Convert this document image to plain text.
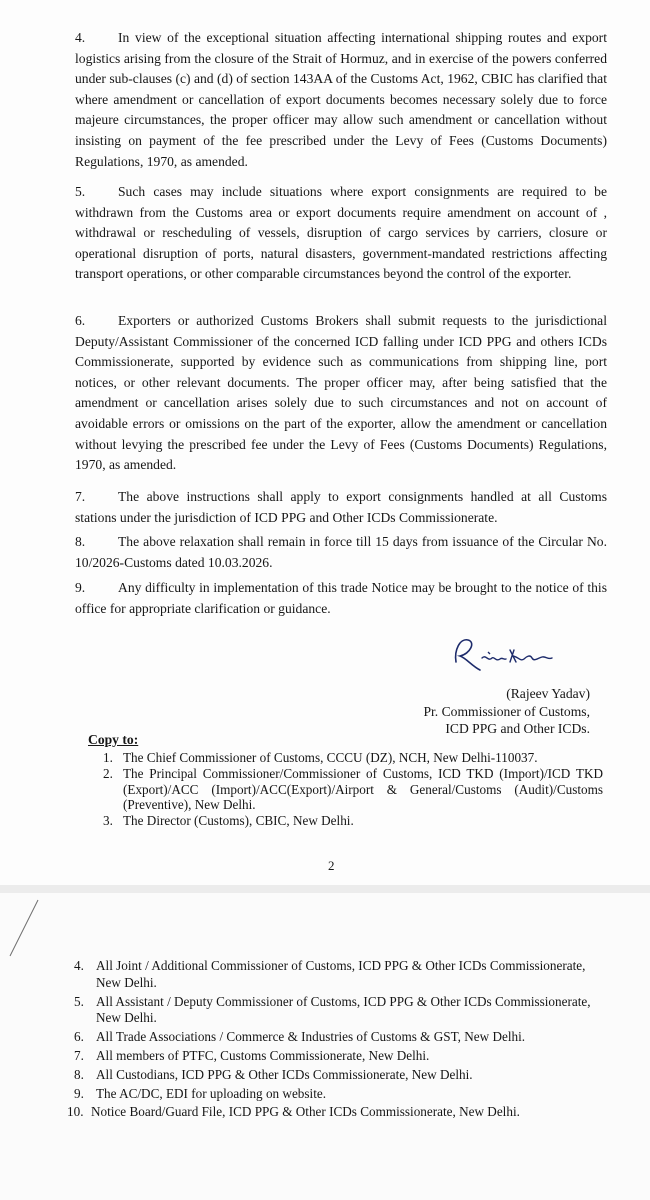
4. In view of the exceptional situation affecting international shipping routes and export logistics arising from the closure of the Strait of Hormuz, and in exercise of the powers conferred under sub-clauses (c) and (d) of section 143AA of the Customs Act, 1962, CBIC has clarified that where amendment or cancellation of export documents becomes necessary solely due to force majeure circumstances, the proper officer may allow such amendment or cancellation without insisting on payment of the fee prescribed under the Levy of Fees (Customs Documents) Regulations, 1970, as amended.

5. Such cases may include situations where export consignments are required to be withdrawn from the Customs area or export documents require amendment on account of , withdrawal or rescheduling of vessels, disruption of cargo services by carriers, closure or operational disruption of ports, natural disasters, government-mandated restrictions affecting transport operations, or other comparable circumstances beyond the control of the exporter.

6. Exporters or authorized Customs Brokers shall submit requests to the jurisdictional Deputy/Assistant Commissioner of the concerned ICD falling under ICD PPG and others ICDs Commissionerate, supported by evidence such as communications from shipping line, port notices, or other relevant documents. The proper officer may, after being satisfied that the amendment or cancellation arises solely due to such circumstances and not on account of avoidable errors or omissions on the part of the exporter, allow the amendment or cancellation without levying the prescribed fee under the Levy of Fees (Customs Documents) Regulations, 1970, as amended.

7. The above instructions shall apply to export consignments handled at all Customs stations under the jurisdiction of ICD PPG and Other ICDs Commissionerate.

8. The above relaxation shall remain in force till 15 days from issuance of the Circular No. 10/2026-Customs dated 10.03.2026.

9. Any difficulty in implementation of this trade Notice may be brought to the notice of this office for appropriate clarification or guidance.

(Rajeev Yadav)
Pr. Commissioner of Customs,
ICD PPG and Other ICDs.
Copy to:
1. The Chief Commissioner of Customs, CCCU (DZ), NCH, New Delhi-110037.
2. The Principal Commissioner/Commissioner of Customs, ICD TKD (Import)/ICD TKD (Export)/ACC (Import)/ACC(Export)/Airport & General/Customs (Audit)/Customs (Preventive), New Delhi.
3. The Director (Customs), CBIC, New Delhi.
2
4. All Joint / Additional Commissioner of Customs, ICD PPG & Other ICDs Commissionerate, New Delhi.
5. All Assistant / Deputy Commissioner of Customs, ICD PPG & Other ICDs Commissionerate, New Delhi.
6. All Trade Associations / Commerce & Industries of Customs & GST, New Delhi.
7. All members of PTFC, Customs Commissionerate, New Delhi.
8. All Custodians, ICD PPG & Other ICDs Commissionerate, New Delhi.
9. The AC/DC, EDI for uploading on website.
10. Notice Board/Guard File, ICD PPG & Other ICDs Commissionerate, New Delhi.
